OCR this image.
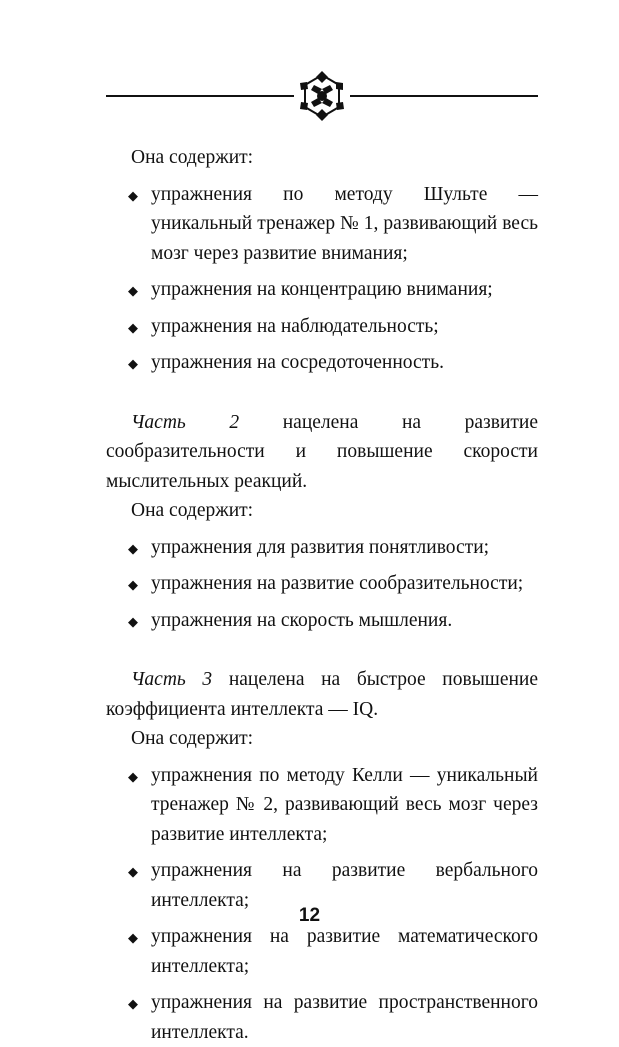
Она содержит:

◆ упражнения по методу Шульте — уникальный тренажер № 1, развивающий весь мозг через развитие внимания;
◆ упражнения на концентрацию внимания;
◆ упражнения на наблюдательность;
◆ упражнения на сосредоточенность.

Часть 2 нацелена на развитие сообразительности и повышение скорости мыслительных реакций.

Она содержит:

◆ упражнения для развития понятливости;
◆ упражнения на развитие сообразительности;
◆ упражнения на скорость мышления.

Часть 3 нацелена на быстрое повышение коэффициента интеллекта — IQ.

Она содержит:

◆ упражнения по методу Келли — уникальный тренажер № 2, развивающий весь мозг через развитие интеллекта;
◆ упражнения на развитие вербального интеллекта;
◆ упражнения на развитие математического интеллекта;
◆ упражнения на развитие пространственного интеллекта.
12
